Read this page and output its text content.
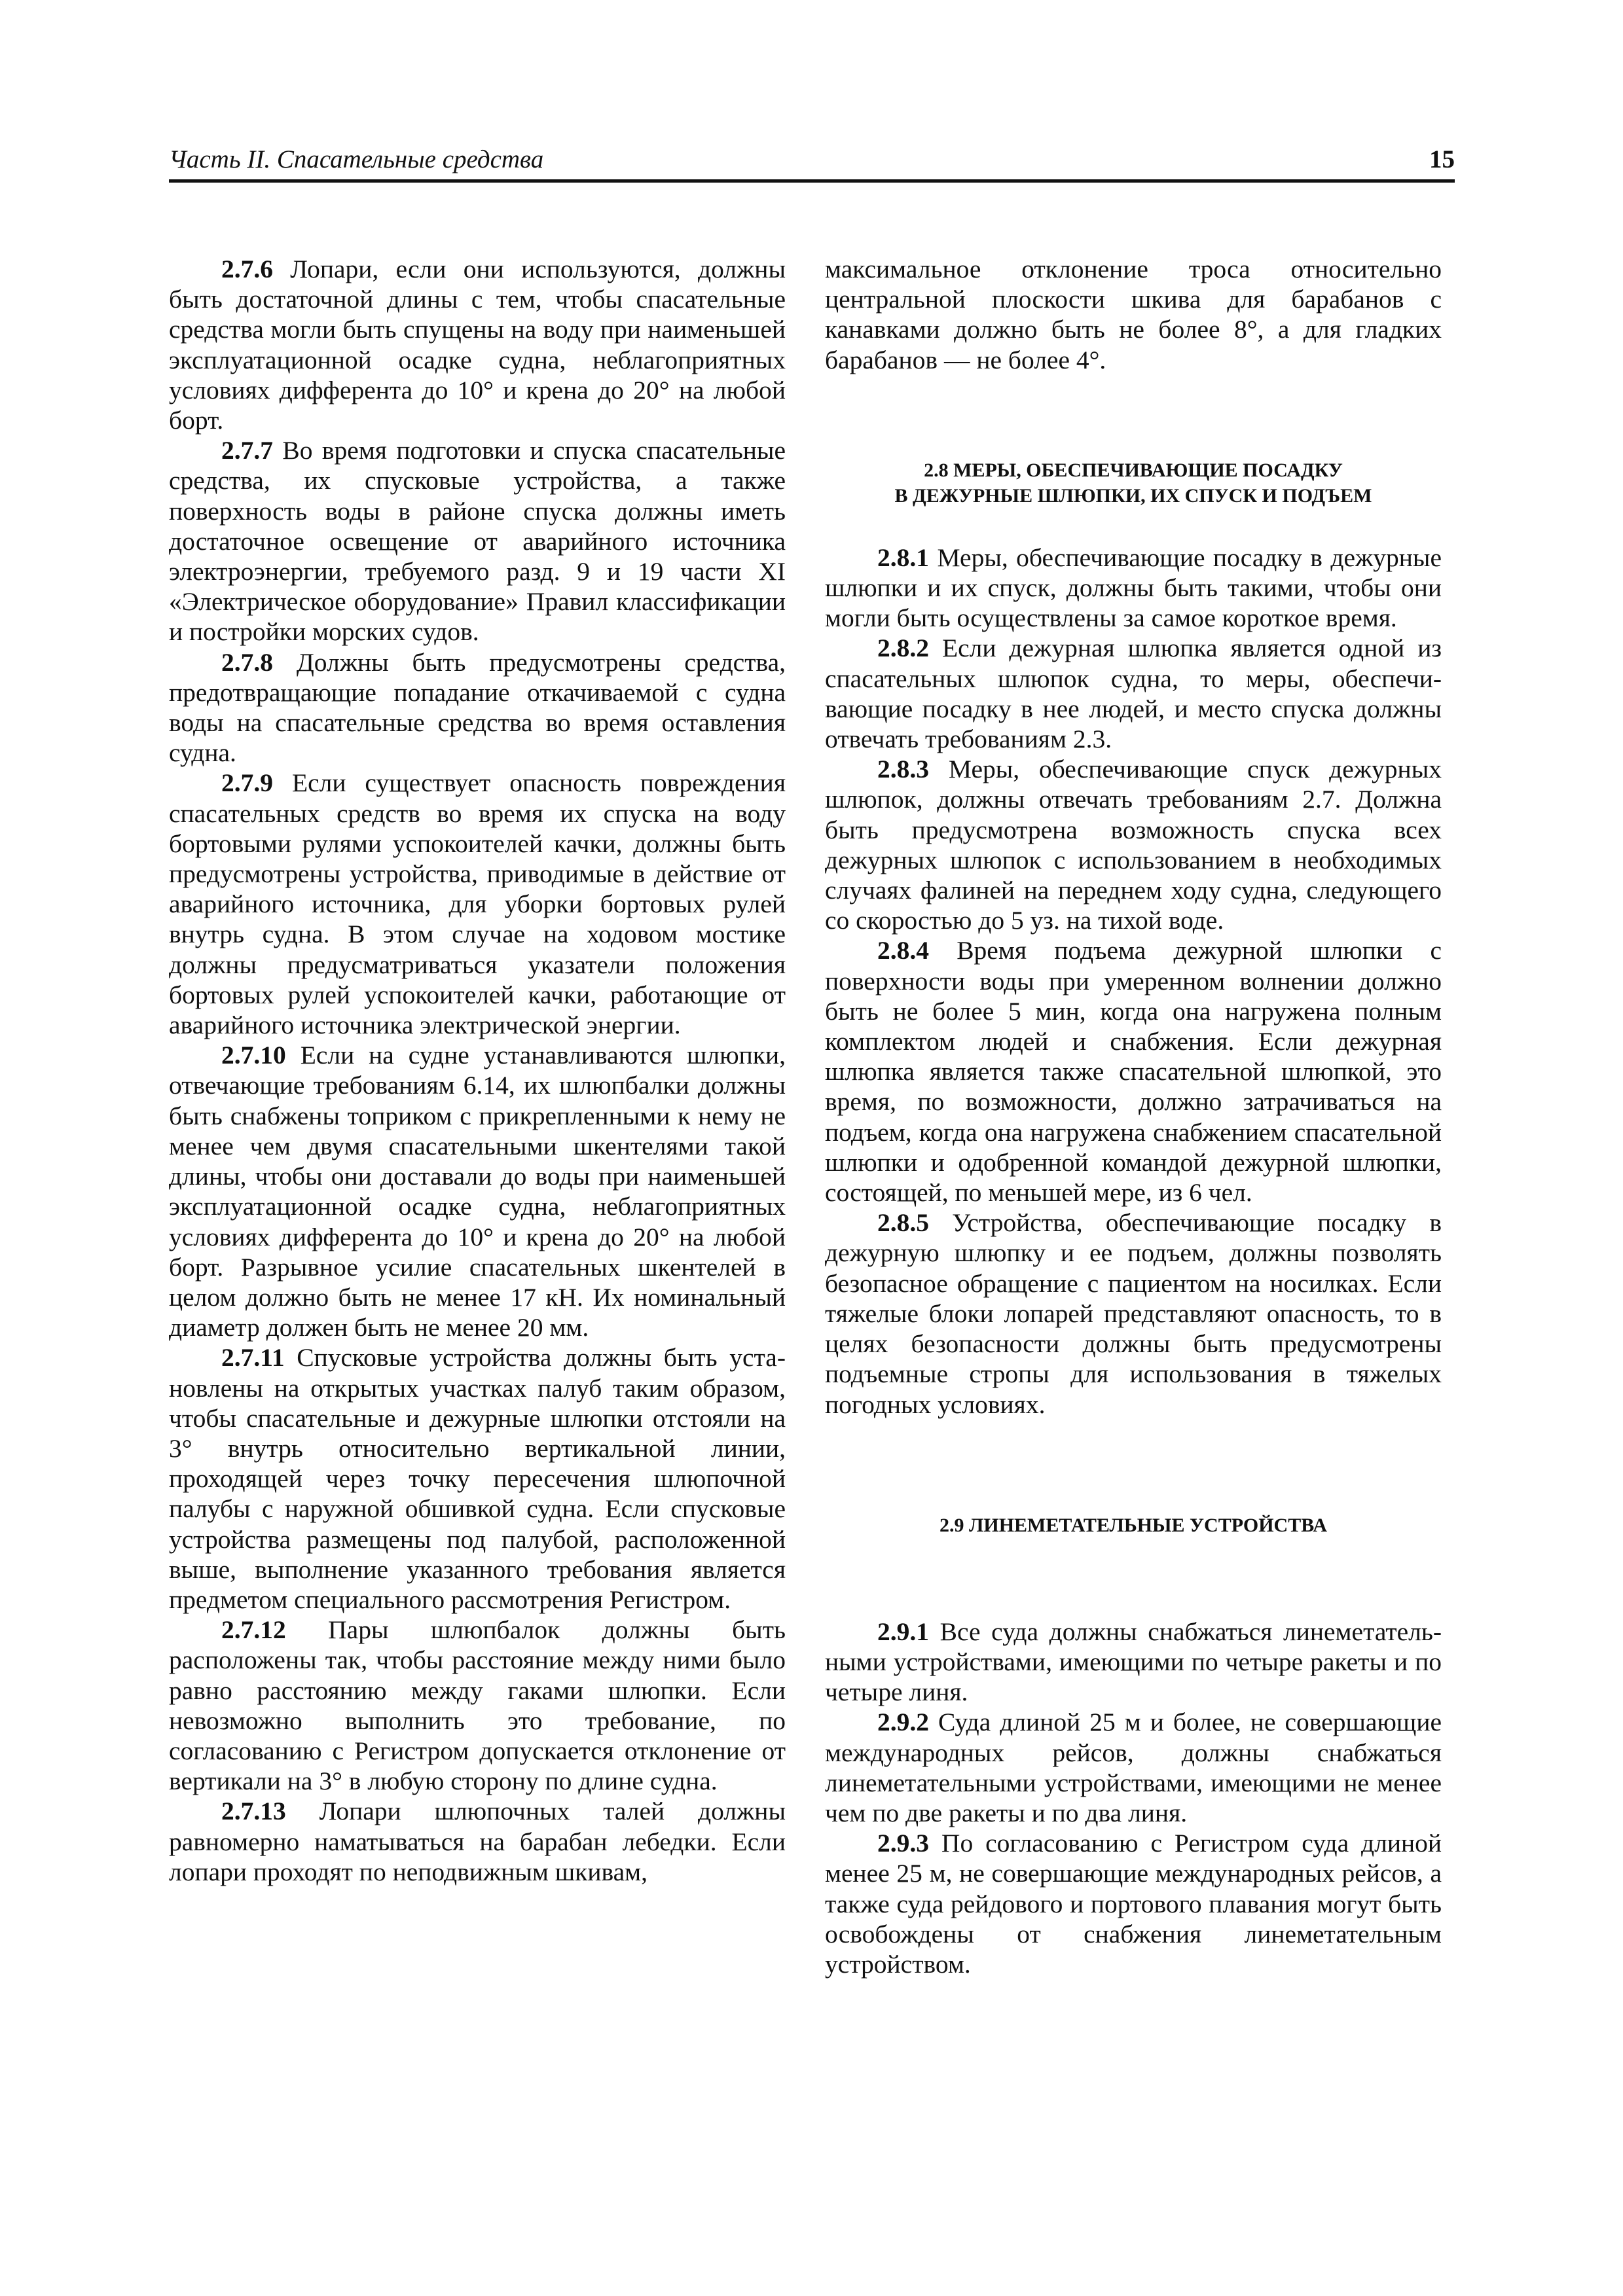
Часть II. Спасательные средства	15

2.7.6 Лопари, если они используются, должны быть достаточной длины с тем, чтобы спасательные средства могли быть спущены на воду при наименьшей эксплуатационной осадке судна, неблагоприятных условиях дифферента до 10° и крена до 20° на любой борт.

2.7.7 Во время подготовки и спуска спасательные средства, их спусковые устройства, а также поверхность воды в районе спуска должны иметь достаточное освещение от аварийного источника электроэнергии, требуемого разд. 9 и 19 части XI «Электрическое оборудование» Правил классификации и постройки морских судов.

2.7.8 Должны быть предусмотрены средства, предотвращающие попадание откачиваемой с судна воды на спасательные средства во время оставления судна.

2.7.9 Если существует опасность повреждения спасательных средств во время их спуска на воду бортовыми рулями успокоителей качки, должны быть предусмотрены устройства, приводимые в действие от аварийного источника, для уборки бортовых рулей внутрь судна. В этом случае на ходовом мостике должны предусматриваться указатели положения бортовых рулей успокоителей качки, работающие от аварийного источника электрической энергии.

2.7.10 Если на судне устанавливаются шлюпки, отвечающие требованиям 6.14, их шлюпбалки должны быть снабжены топриком с прикрепленными к нему не менее чем двумя спасательными шкентелями такой длины, чтобы они доставали до воды при наименьшей эксплуатационной осадке судна, неблагоприятных условиях дифферента до 10° и крена до 20° на любой борт. Разрывное усилие спасательных шкентелей в целом должно быть не менее 17 кН. Их номинальный диаметр должен быть не менее 20 мм.

2.7.11 Спусковые устройства должны быть установлены на открытых участках палуб таким образом, чтобы спасательные и дежурные шлюпки отстояли на 3° внутрь относительно вертикальной линии, проходящей через точку пересечения шлюпочной палубы с наружной обшивкой судна. Если спусковые устройства размещены под палубой, расположенной выше, выполнение указанного требования является предметом специального рассмотрения Регистром.

2.7.12 Пары шлюпбалок должны быть расположены так, чтобы расстояние между ними было равно расстоянию между гаками шлюпки. Если невозможно выполнить это требование, по согласованию с Регистром допускается отклонение от вертикали на 3° в любую сторону по длине судна.

2.7.13 Лопари шлюпочных талей должны равномерно наматываться на барабан лебедки. Если лопари проходят по неподвижным шкивам,

максимальное отклонение троса относительно центральной плоскости шкива для барабанов с канавками должно быть не более 8°, а для гладких барабанов — не более 4°.

2.8 МЕРЫ, ОБЕСПЕЧИВАЮЩИЕ ПОСАДКУ
В ДЕЖУРНЫЕ ШЛЮПКИ, ИХ СПУСК И ПОДЪЕМ

2.8.1 Меры, обеспечивающие посадку в дежурные шлюпки и их спуск, должны быть такими, чтобы они могли быть осуществлены за самое короткое время.

2.8.2 Если дежурная шлюпка является одной из спасательных шлюпок судна, то меры, обеспечивающие посадку в нее людей, и место спуска должны отвечать требованиям 2.3.

2.8.3 Меры, обеспечивающие спуск дежурных шлюпок, должны отвечать требованиям 2.7. Должна быть предусмотрена возможность спуска всех дежурных шлюпок с использованием в необходимых случаях фалиней на переднем ходу судна, следующего со скоростью до 5 уз. на тихой воде.

2.8.4 Время подъема дежурной шлюпки с поверхности воды при умеренном волнении должно быть не более 5 мин, когда она нагружена полным комплектом людей и снабжения. Если дежурная шлюпка является также спасательной шлюпкой, это время, по возможности, должно затрачиваться на подъем, когда она нагружена снабжением спасательной шлюпки и одобренной командой дежурной шлюпки, состоящей, по меньшей мере, из 6 чел.

2.8.5 Устройства, обеспечивающие посадку в дежурную шлюпку и ее подъем, должны позволять безопасное обращение с пациентом на носилках. Если тяжелые блоки лопарей представляют опасность, то в целях безопасности должны быть предусмотрены подъемные стропы для использования в тяжелых погодных условиях.

2.9 ЛИНЕМЕТАТЕЛЬНЫЕ УСТРОЙСТВА

2.9.1 Все суда должны снабжаться линеметательными устройствами, имеющими по четыре ракеты и по четыре линя.

2.9.2 Суда длиной 25 м и более, не совершающие международных рейсов, должны снабжаться линеметательными устройствами, имеющими не менее чем по две ракеты и по два линя.

2.9.3 По согласованию с Регистром суда длиной менее 25 м, не совершающие международных рейсов, а также суда рейдового и портового плавания могут быть освобождены от снабжения линеметательным устройством.
